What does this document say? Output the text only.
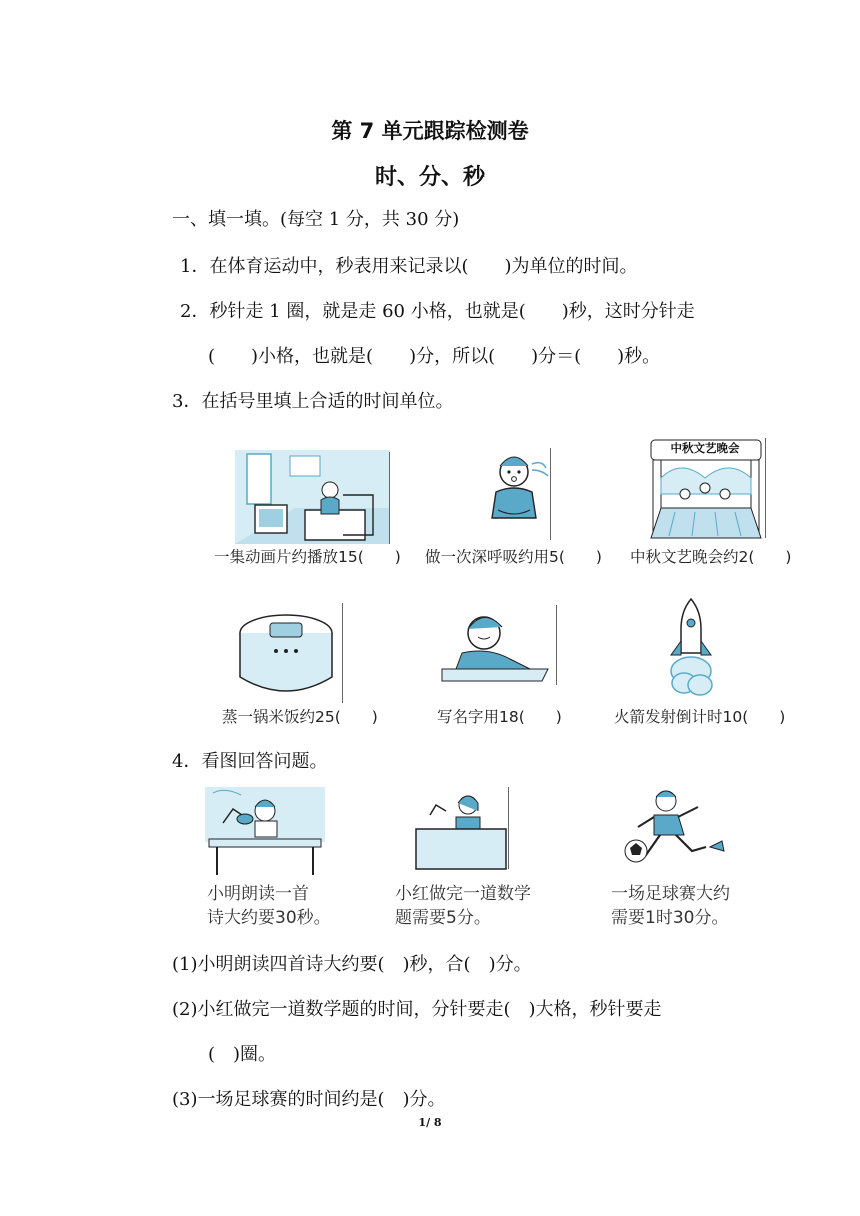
第 7 单元跟踪检测卷
时、分、秒
一、填一填。(每空 1 分，共 30 分)
1．在体育运动中，秒表用来记录以(　　)为单位的时间。
2．秒针走 1 圈，就是走 60 小格，也就是(　　)秒，这时分针走
(　　)小格，也就是(　　)分，所以(　　)分＝(　　)秒。
3．在括号里填上合适的时间单位。
中秋文艺晚会
一集动画片约播放15(　　) 做一次深呼吸约用5(　　) 中秋文艺晚会约2(　　)
蒸一锅米饭约25(　　)	写名字用18(　　)	火箭发射倒计时10(　　)
4．看图回答问题。
小明朗读一首
诗大约要30秒。
小红做完一道数学
题需要5分。
一场足球赛大约
需要1时30分。
(1)小明朗读四首诗大约要(　)秒，合(　)分。
(2)小红做完一道数学题的时间，分针要走(　)大格，秒针要走
(　)圈。
(3)一场足球赛的时间约是(　)分。
1/ 8
